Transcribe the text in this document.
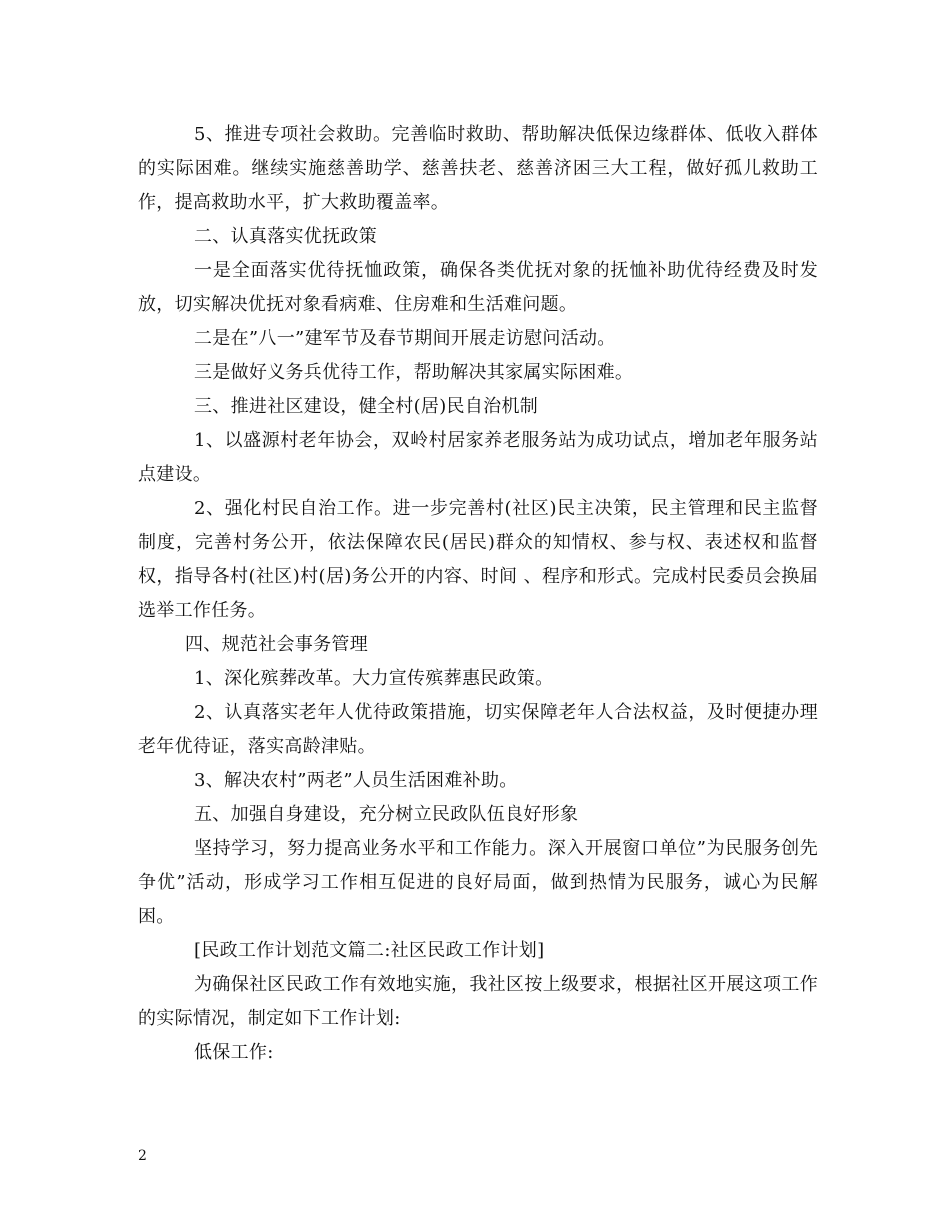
5、推进专项社会救助。完善临时救助、帮助解决低保边缘群体、低收入群体的实际困难。继续实施慈善助学、慈善扶老、慈善济困三大工程，做好孤儿救助工作，提高救助水平，扩大救助覆盖率。

二、认真落实优抚政策

一是全面落实优待抚恤政策，确保各类优抚对象的抚恤补助优待经费及时发放，切实解决优抚对象看病难、住房难和生活难问题。

二是在”八一”建军节及春节期间开展走访慰问活动。

三是做好义务兵优待工作，帮助解决其家属实际困难。

三、推进社区建设，健全村(居)民自治机制

1、以盛源村老年协会，双岭村居家养老服务站为成功试点，增加老年服务站点建设。

2、强化村民自治工作。进一步完善村(社区)民主决策，民主管理和民主监督制度，完善村务公开，依法保障农民(居民)群众的知情权、参与权、表述权和监督权，指导各村(社区)村(居)务公开的内容、时间 、程序和形式。完成村民委员会换届选举工作任务。

四、规范社会事务管理

1、深化殡葬改革。大力宣传殡葬惠民政策。

2、认真落实老年人优待政策措施，切实保障老年人合法权益，及时便捷办理老年优待证，落实高龄津贴。

3、解决农村”两老”人员生活困难补助。

五、加强自身建设，充分树立民政队伍良好形象

坚持学习，努力提高业务水平和工作能力。深入开展窗口单位”为民服务创先争优”活动，形成学习工作相互促进的良好局面，做到热情为民服务，诚心为民解困。

[民政工作计划范文篇二:社区民政工作计划]

为确保社区民政工作有效地实施，我社区按上级要求，根据社区开展这项工作的实际情况，制定如下工作计划:

低保工作:

2
